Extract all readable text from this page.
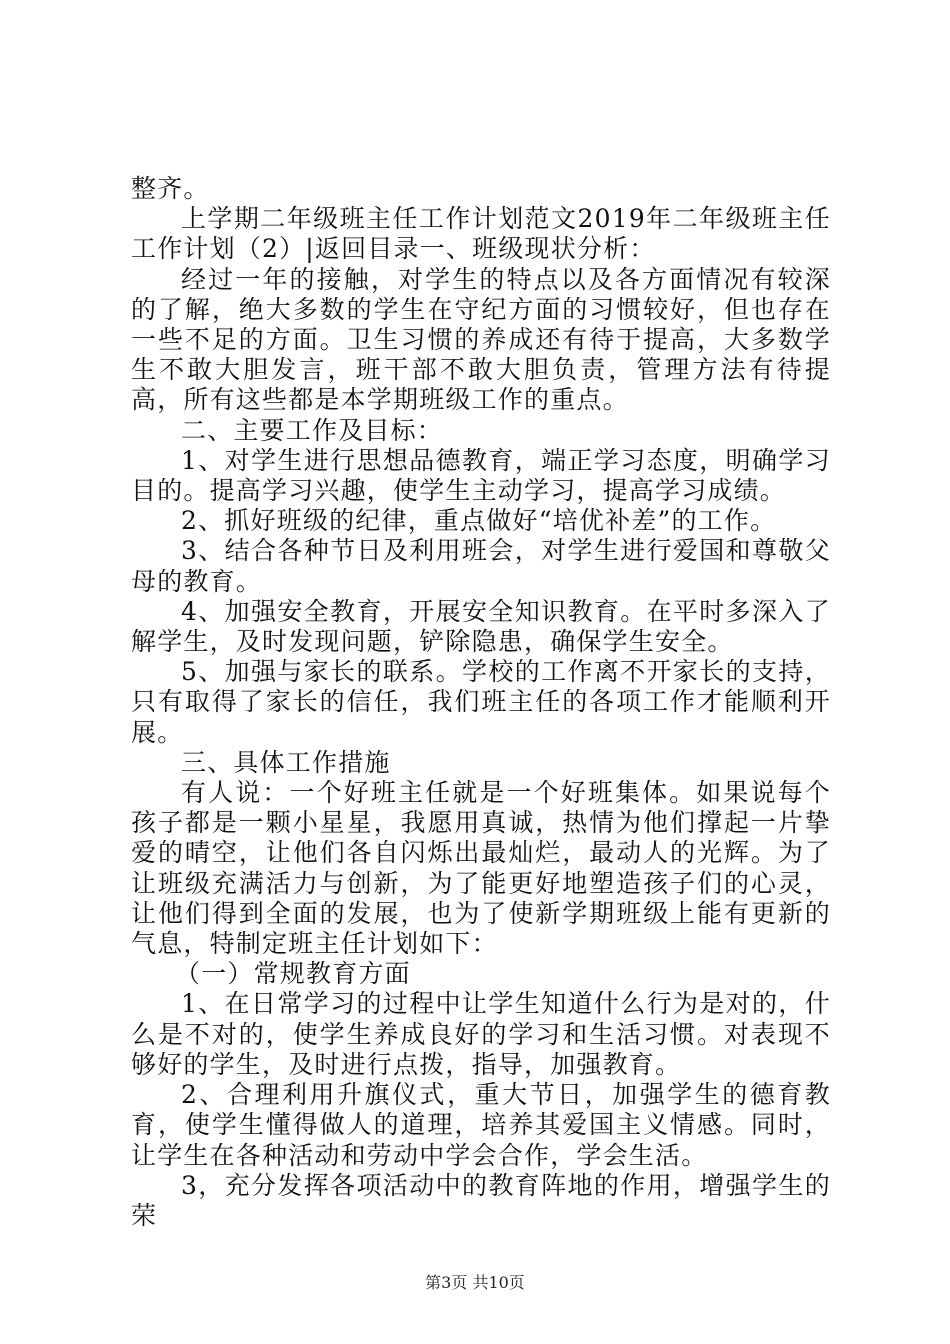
整齐。

上学期二年级班主任工作计划范文2019年二年级班主任工作计划（2）|返回目录一、班级现状分析：

经过一年的接触，对学生的特点以及各方面情况有较深的了解，绝大多数的学生在守纪方面的习惯较好，但也存在一些不足的方面。卫生习惯的养成还有待于提高，大多数学生不敢大胆发言，班干部不敢大胆负责，管理方法有待提高，所有这些都是本学期班级工作的重点。

二、主要工作及目标：

1、对学生进行思想品德教育，端正学习态度，明确学习目的。提高学习兴趣，使学生主动学习，提高学习成绩。

2、抓好班级的纪律，重点做好“培优补差”的工作。

3、结合各种节日及利用班会，对学生进行爱国和尊敬父母的教育。

4、加强安全教育，开展安全知识教育。在平时多深入了解学生，及时发现问题，铲除隐患，确保学生安全。

5、加强与家长的联系。学校的工作离不开家长的支持，只有取得了家长的信任，我们班主任的各项工作才能顺利开展。

三、具体工作措施

有人说：一个好班主任就是一个好班集体。如果说每个孩子都是一颗小星星，我愿用真诚，热情为他们撑起一片挚爱的晴空，让他们各自闪烁出最灿烂，最动人的光辉。为了让班级充满活力与创新，为了能更好地塑造孩子们的心灵，让他们得到全面的发展，也为了使新学期班级上能有更新的气息，特制定班主任计划如下：

（一）常规教育方面

1、在日常学习的过程中让学生知道什么行为是对的，什么是不对的，使学生养成良好的学习和生活习惯。对表现不够好的学生，及时进行点拨，指导，加强教育。

2、合理利用升旗仪式，重大节日，加强学生的德育教育，使学生懂得做人的道理，培养其爱国主义情感。同时，让学生在各种活动和劳动中学会合作，学会生活。

3，充分发挥各项活动中的教育阵地的作用，增强学生的荣

第3页 共10页
